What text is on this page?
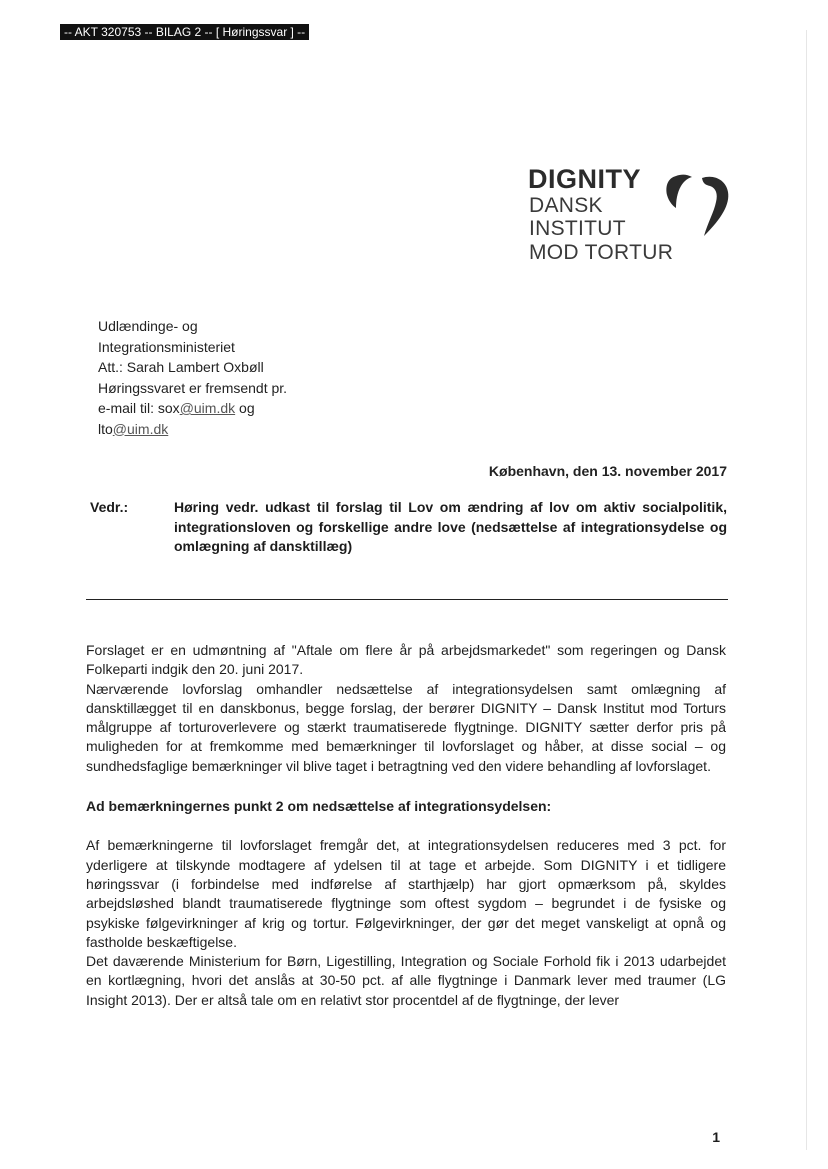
-- AKT 320753 -- BILAG 2 -- [ Høringssvar ] --
DIGNITY
DANSK
INSTITUT
MOD TORTUR
Udlændinge- og
Integrationsministeriet
Att.: Sarah Lambert Oxbøll
Høringssvaret er fremsendt pr.
e-mail til: sox@uim.dk og
lto@uim.dk
København, den 13. november 2017
Vedr.:	Høring vedr. udkast til forslag til Lov om ændring af lov om aktiv socialpolitik, integrationsloven og forskellige andre love (nedsættelse af integrationsydelse og omlægning af dansktillæg)

Forslaget er en udmøntning af "Aftale om flere år på arbejdsmarkedet" som regeringen og Dansk Folkeparti indgik den 20. juni 2017.

Nærværende lovforslag omhandler nedsættelse af integrationsydelsen samt omlægning af dansktillægget til en danskbonus, begge forslag, der berører DIGNITY – Dansk Institut mod Torturs målgruppe af torturoverlevere og stærkt traumatiserede flygtninge. DIGNITY sætter derfor pris på muligheden for at fremkomme med bemærkninger til lovforslaget og håber, at disse social – og sundhedsfaglige bemærkninger vil blive taget i betragtning ved den videre behandling af lovforslaget.

Ad bemærkningernes punkt 2 om nedsættelse af integrationsydelsen:

Af bemærkningerne til lovforslaget fremgår det, at integrationsydelsen reduceres med 3 pct. for yderligere at tilskynde modtagere af ydelsen til at tage et arbejde. Som DIGNITY i et tidligere høringssvar (i forbindelse med indførelse af starthjælp) har gjort opmærksom på, skyldes arbejdsløshed blandt traumatiserede flygtninge som oftest sygdom – begrundet i de fysiske og psykiske følgevirkninger af krig og tortur. Følgevirkninger, der gør det meget vanskeligt at opnå og fastholde beskæftigelse.

Det daværende Ministerium for Børn, Ligestilling, Integration og Sociale Forhold fik i 2013 udarbejdet en kortlægning, hvori det anslås at 30-50 pct. af alle flygtninge i Danmark lever med traumer (LG Insight 2013). Der er altså tale om en relativt stor procentdel af de flygtninge, der lever

1
